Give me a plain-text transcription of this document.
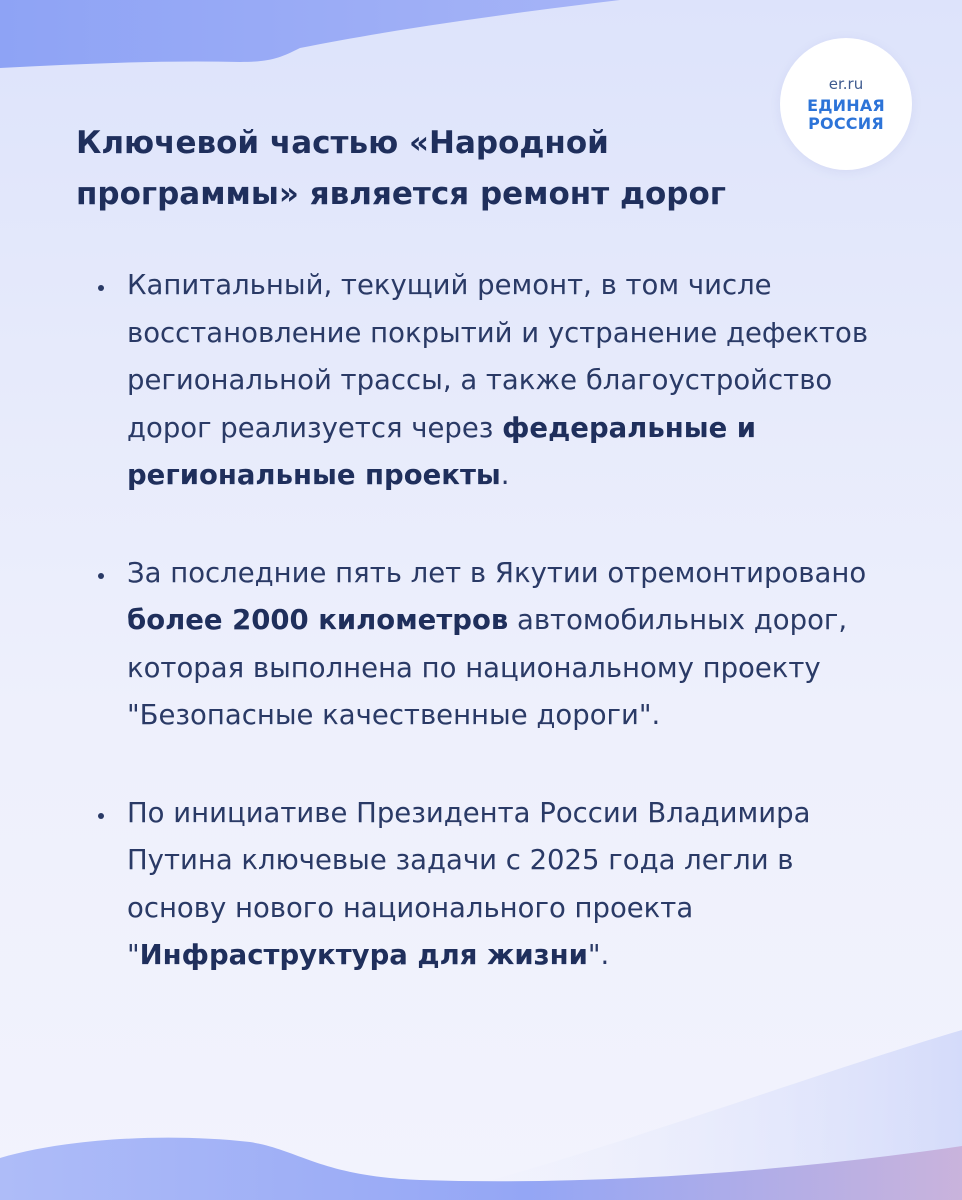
er.ru
ЕДИНАЯ
РОССИЯ
Ключевой частью «Народной
программы» является ремонт дорог
Капитальный, текущий ремонт, в том числе восстановление покрытий и устранение дефектов региональной трассы, а также благоустройство дорог реализуется через федеральные и региональные проекты.
За последние пять лет в Якутии отремонтировано более 2000 километров автомобильных дорог, которая выполнена по национальному проекту "Безопасные качественные дороги".
По инициативе Президента России Владимира Путина ключевые задачи с 2025 года легли в основу нового национального проекта "Инфраструктура для жизни".
